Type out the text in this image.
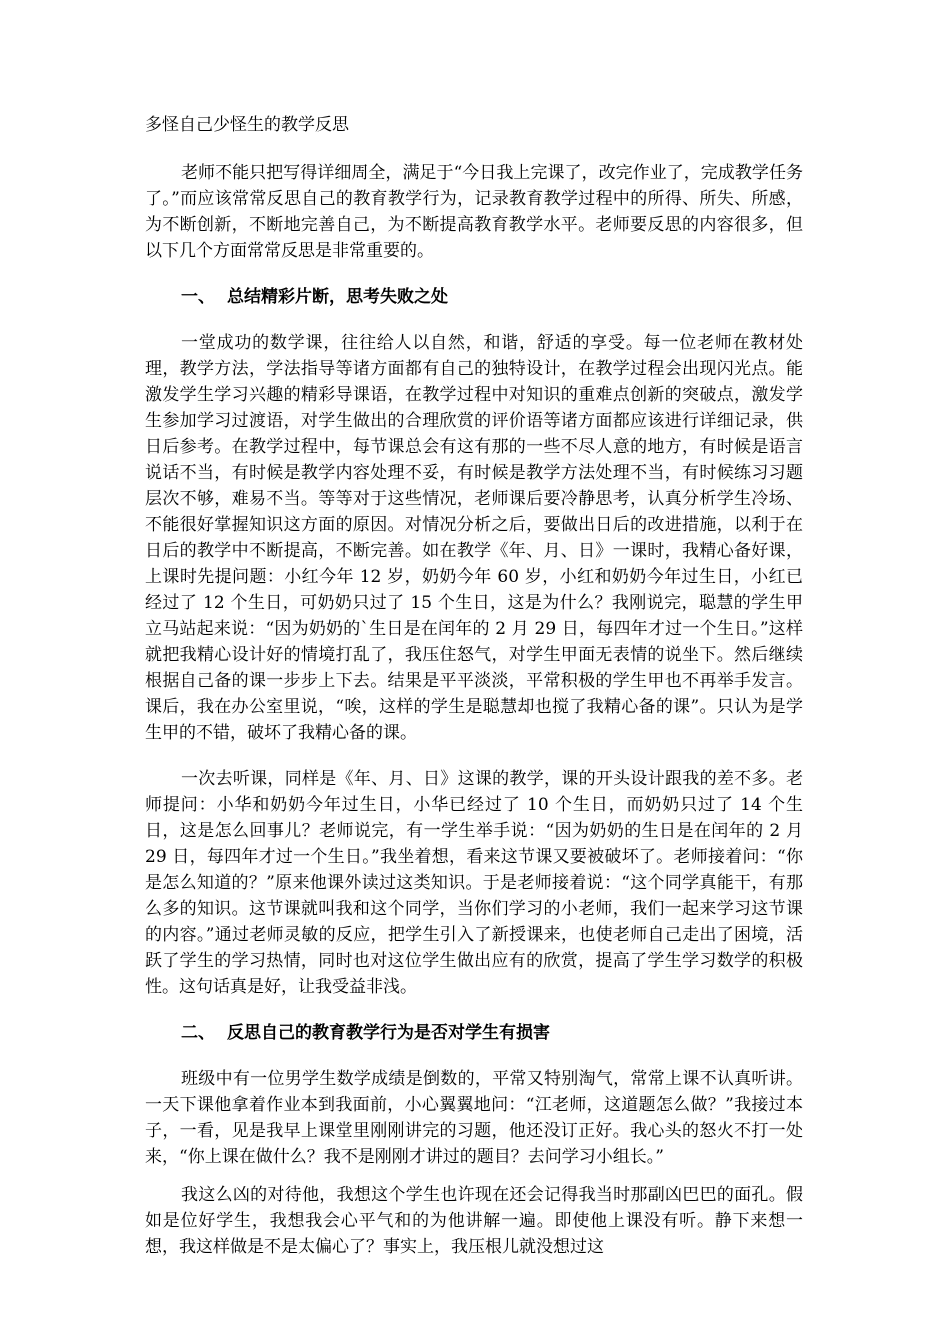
多怪自己少怪生的教学反思

老师不能只把写得详细周全，满足于“今日我上完课了，改完作业了，完成教学任务了。”而应该常常反思自己的教育教学行为，记录教育教学过程中的所得、所失、所感，为不断创新，不断地完善自己，为不断提高教育教学水平。老师要反思的内容很多，但以下几个方面常常反思是非常重要的。

一、 总结精彩片断，思考失败之处

一堂成功的数学课，往往给人以自然，和谐，舒适的享受。每一位老师在教材处理，教学方法，学法指导等诸方面都有自己的独特设计，在教学过程会出现闪光点。能激发学生学习兴趣的精彩导课语，在教学过程中对知识的重难点创新的突破点，激发学生参加学习过渡语，对学生做出的合理欣赏的评价语等诸方面都应该进行详细记录，供日后参考。在教学过程中，每节课总会有这有那的一些不尽人意的地方，有时候是语言说话不当，有时候是教学内容处理不妥，有时候是教学方法处理不当，有时候练习习题层次不够，难易不当。等等对于这些情况，老师课后要冷静思考，认真分析学生冷场、不能很好掌握知识这方面的原因。对情况分析之后，要做出日后的改进措施，以利于在日后的教学中不断提高，不断完善。如在教学《年、月、日》一课时，我精心备好课，上课时先提问题：小红今年 12 岁，奶奶今年 60 岁，小红和奶奶今年过生日，小红已经过了 12 个生日，可奶奶只过了 15 个生日，这是为什么？我刚说完，聪慧的学生甲立马站起来说：“因为奶奶的`生日是在闰年的 2 月 29 日，每四年才过一个生日。”这样就把我精心设计好的情境打乱了，我压住怒气，对学生甲面无表情的说坐下。然后继续根据自己备的课一步步上下去。结果是平平淡淡，平常积极的学生甲也不再举手发言。课后，我在办公室里说，“唉，这样的学生是聪慧却也搅了我精心备的课”。只认为是学生甲的不错，破坏了我精心备的课。

一次去听课，同样是《年、月、日》这课的教学，课的开头设计跟我的差不多。老师提问：小华和奶奶今年过生日，小华已经过了 10 个生日，而奶奶只过了 14 个生日，这是怎么回事儿？老师说完，有一学生举手说：“因为奶奶的生日是在闰年的 2 月 29 日，每四年才过一个生日。”我坐着想，看来这节课又要被破坏了。老师接着问：“你是怎么知道的？”原来他课外读过这类知识。于是老师接着说：“这个同学真能干，有那么多的知识。这节课就叫我和这个同学，当你们学习的小老师，我们一起来学习这节课的内容。”通过老师灵敏的反应，把学生引入了新授课来，也使老师自己走出了困境，活跃了学生的学习热情，同时也对这位学生做出应有的欣赏，提高了学生学习数学的积极性。这句话真是好，让我受益非浅。

二、 反思自己的教育教学行为是否对学生有损害

班级中有一位男学生数学成绩是倒数的，平常又特别淘气，常常上课不认真听讲。一天下课他拿着作业本到我面前，小心翼翼地问：“江老师，这道题怎么做？”我接过本子，一看，见是我早上课堂里刚刚讲完的习题，他还没订正好。我心头的怒火不打一处来，“你上课在做什么？我不是刚刚才讲过的题目？去问学习小组长。”

我这么凶的对待他，我想这个学生也许现在还会记得我当时那副凶巴巴的面孔。假如是位好学生，我想我会心平气和的为他讲解一遍。即使他上课没有听。静下来想一想，我这样做是不是太偏心了？事实上，我压根儿就没想过这
